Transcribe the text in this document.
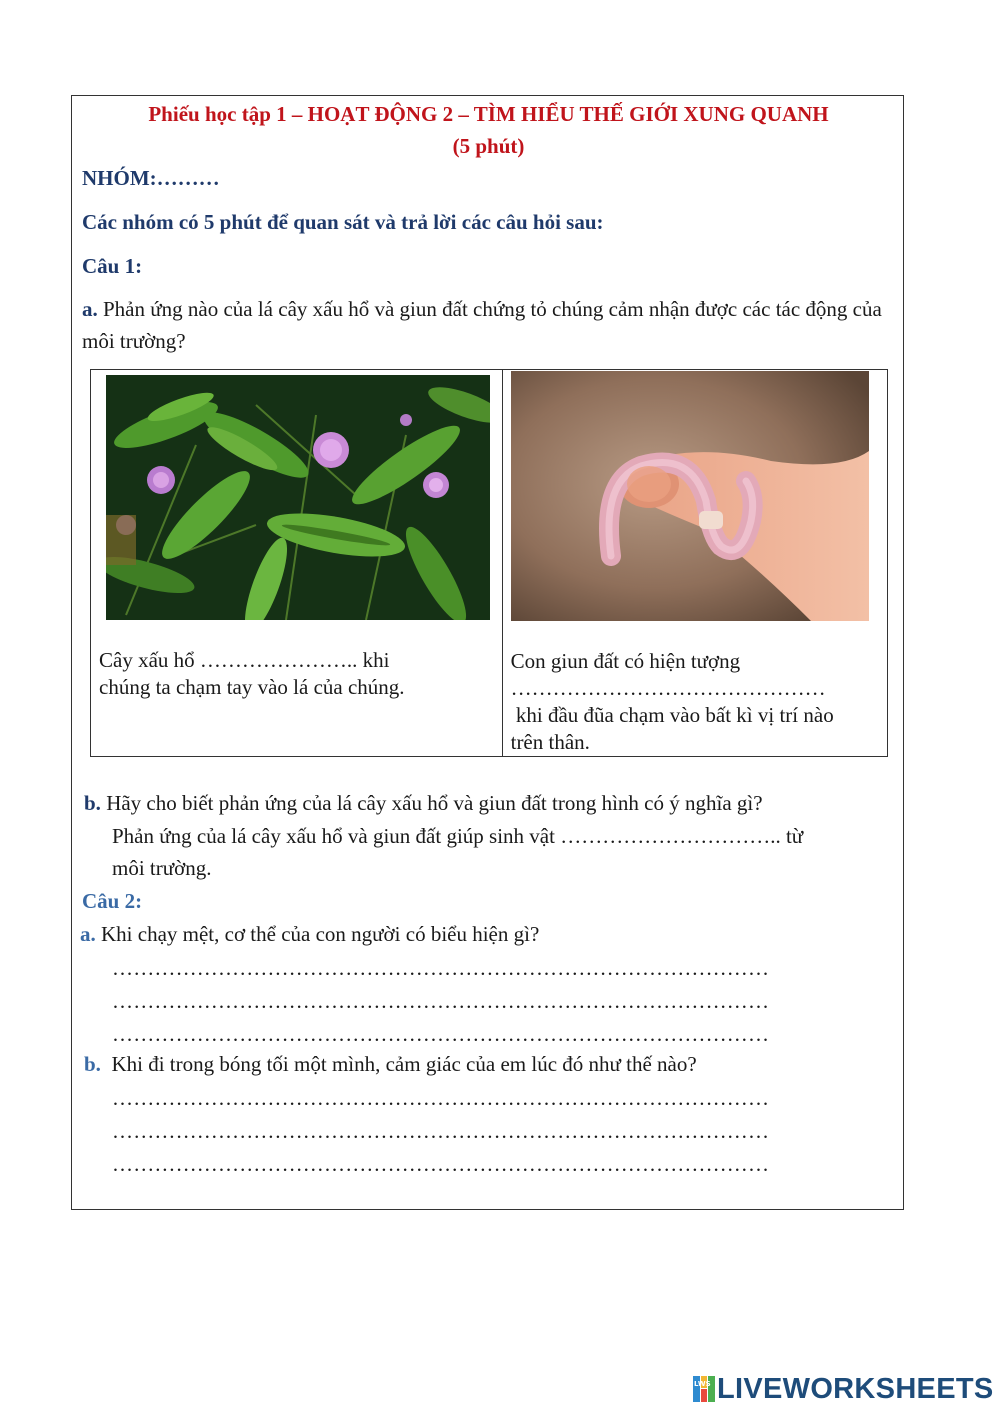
Phiếu học tập 1 – HOẠT ĐỘNG 2 – TÌM HIỂU THẾ GIỚI XUNG QUANH
(5 phút)
NHÓM:………
Các nhóm có 5 phút để quan sát và trả lời các câu hỏi sau:
Câu 1:
a. Phản ứng nào của lá cây xấu hổ và giun đất chứng tỏ chúng cảm nhận được các tác động của môi trường?
Cây xấu hổ ………………….. khi
chúng ta chạm tay vào lá của chúng.

Con giun đất có hiện tượng
………………………………………
khi đầu đũa chạm vào bất kì vị trí nào
trên thân.
b. Hãy cho biết phản ứng của lá cây xấu hổ và giun đất trong hình có ý nghĩa gì?
Phản ứng của lá cây xấu hổ và giun đất giúp sinh vật ………………………….. từ
môi trường.
Câu 2:
a. Khi chạy mệt, cơ thể của con người có biểu hiện gì?
…………………………………………………………………………………
…………………………………………………………………………………
…………………………………………………………………………………
b.  Khi đi trong bóng tối một mình, cảm giác của em lúc đó như thế nào?
…………………………………………………………………………………
…………………………………………………………………………………
…………………………………………………………………………………
LWS LIVEWORKSHEETS
